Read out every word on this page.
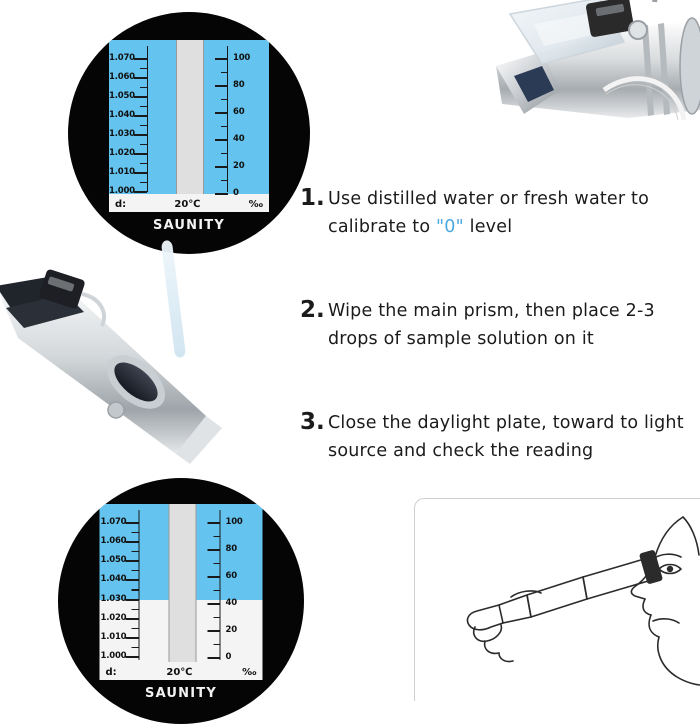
1.070
1.060
1.050
1.040
1.030
1.020
1.010
1.000
100
80
60
40
20
0
d:	20℃	‰
SAUNITY
1.070
1.060
1.050
1.040
1.030
1.020
1.010
1.000
100
80
60
40
20
0
d:	20℃	‰
SAUNITY
1. Use distilled water or fresh water to calibrate to "0" level
2. Wipe the main prism, then place 2-3 drops of sample solution on it
3. Close the daylight plate, toward to light source and check the reading
